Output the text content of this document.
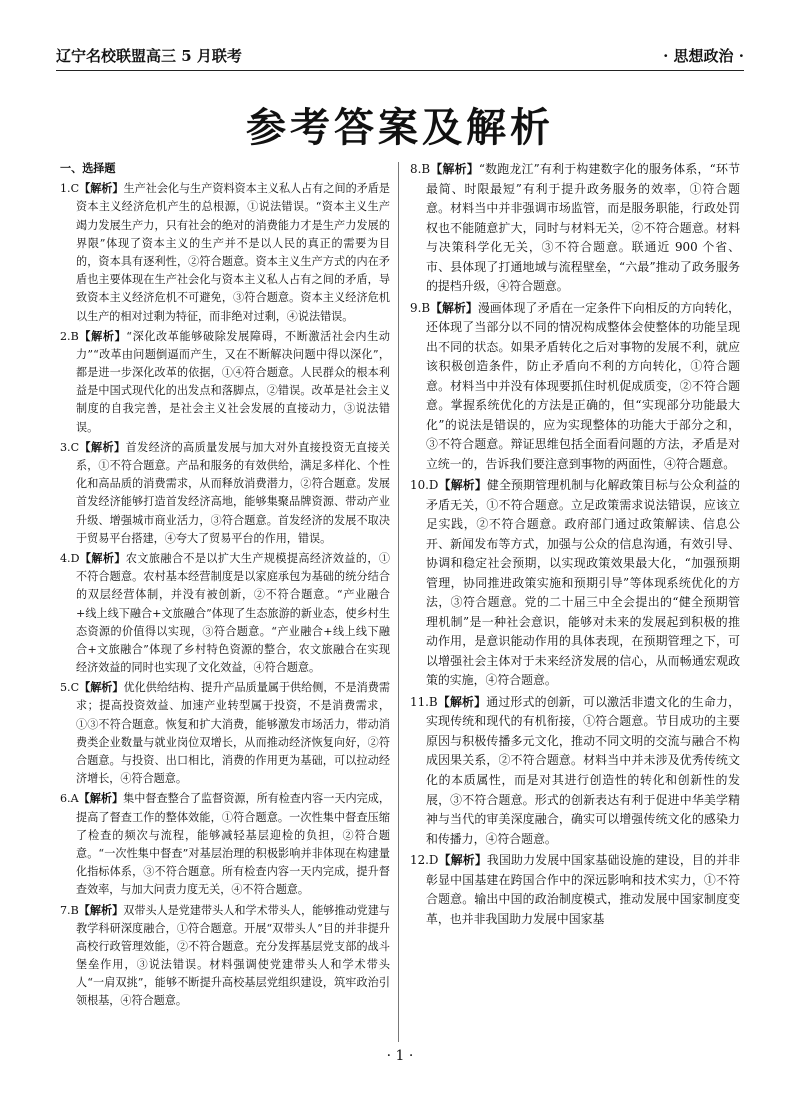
辽宁名校联盟高三 5 月联考	· 思想政治 ·
参考答案及解析

一、选择题

1.C【解析】生产社会化与生产资料资本主义私人占有之间的矛盾是资本主义经济危机产生的总根源，①说法错误。“资本主义生产竭力发展生产力，只有社会的绝对的消费能力才是生产力发展的界限”体现了资本主义的生产并不是以人民的真正的需要为目的，资本具有逐利性，②符合题意。资本主义生产方式的内在矛盾也主要体现在生产社会化与资本主义私人占有之间的矛盾，导致资本主义经济危机不可避免，③符合题意。资本主义经济危机以生产的相对过剩为特征，而非绝对过剩，④说法错误。

2.B【解析】“深化改革能够破除发展障碍，不断激活社会内生动力”“改革由问题倒逼而产生，又在不断解决问题中得以深化”，都是进一步深化改革的依据，①④符合题意。人民群众的根本利益是中国式现代化的出发点和落脚点，②错误。改革是社会主义制度的自我完善，是社会主义社会发展的直接动力，③说法错误。

3.C【解析】首发经济的高质量发展与加大对外直接投资无直接关系，①不符合题意。产品和服务的有效供给，满足多样化、个性化和高品质的消费需求，从而释放消费潜力，②符合题意。发展首发经济能够打造首发经济高地，能够集聚品牌资源、带动产业升级、增强城市商业活力，③符合题意。首发经济的发展不取决于贸易平台搭建，④夸大了贸易平台的作用，错误。

4.D【解析】农文旅融合不是以扩大生产规模提高经济效益的，①不符合题意。农村基本经营制度是以家庭承包为基础的统分结合的双层经营体制，并没有被创新，②不符合题意。“产业融合+线上线下融合+文旅融合”体现了生态旅游的新业态，使乡村生态资源的价值得以实现，③符合题意。“产业融合+线上线下融合+文旅融合”体现了乡村特色资源的整合，农文旅融合在实现经济效益的同时也实现了文化效益，④符合题意。

5.C【解析】优化供给结构、提升产品质量属于供给侧，不是消费需求；提高投资效益、加速产业转型属于投资，不是消费需求，①③不符合题意。恢复和扩大消费，能够激发市场活力，带动消费类企业数量与就业岗位双增长，从而推动经济恢复向好，②符合题意。与投资、出口相比，消费的作用更为基础，可以拉动经济增长，④符合题意。

6.A【解析】集中督查整合了监督资源，所有检查内容一天内完成，提高了督查工作的整体效能，①符合题意。一次性集中督查压缩了检查的频次与流程，能够减轻基层迎检的负担，②符合题意。“一次性集中督查”对基层治理的积极影响并非体现在构建量化指标体系，③不符合题意。所有检查内容一天内完成，提升督查效率，与加大问责力度无关，④不符合题意。

7.B【解析】双带头人是党建带头人和学术带头人，能够推动党建与教学科研深度融合，①符合题意。开展“双带头人”目的并非提升高校行政管理效能，②不符合题意。充分发挥基层党支部的战斗堡垒作用，③说法错误。材料强调使党建带头人和学术带头人“一肩双挑”，能够不断提升高校基层党组织建设，筑牢政治引领根基，④符合题意。

8.B【解析】“数跑龙江”有利于构建数字化的服务体系，“环节最简、时限最短”有利于提升政务服务的效率，①符合题意。材料当中并非强调市场监管，而是服务职能，行政处罚权也不能随意扩大，同时与材料无关，②不符合题意。材料与决策科学化无关，③不符合题意。联通近 900 个省、市、县体现了打通地域与流程壁垒，“六最”推动了政务服务的提档升级，④符合题意。

9.B【解析】漫画体现了矛盾在一定条件下向相反的方向转化，还体现了当部分以不同的情况构成整体会使整体的功能呈现出不同的状态。如果矛盾转化之后对事物的发展不利，就应该积极创造条件，防止矛盾向不利的方向转化，①符合题意。材料当中并没有体现要抓住时机促成质变，②不符合题意。掌握系统优化的方法是正确的，但“实现部分功能最大化”的说法是错误的，应为实现整体的功能大于部分之和，③不符合题意。辩证思维包括全面看问题的方法，矛盾是对立统一的，告诉我们要注意到事物的两面性，④符合题意。

10.D【解析】健全预期管理机制与化解政策目标与公众利益的矛盾无关，①不符合题意。立足政策需求说法错误，应该立足实践，②不符合题意。政府部门通过政策解读、信息公开、新闻发布等方式，加强与公众的信息沟通，有效引导、协调和稳定社会预期，以实现政策效果最大化，“加强预期管理，协同推进政策实施和预期引导”等体现系统优化的方法，③符合题意。党的二十届三中全会提出的“健全预期管理机制”是一种社会意识，能够对未来的发展起到积极的推动作用，是意识能动作用的具体表现，在预期管理之下，可以增强社会主体对于未来经济发展的信心，从而畅通宏观政策的实施，④符合题意。

11.B【解析】通过形式的创新，可以激活非遗文化的生命力，实现传统和现代的有机衔接，①符合题意。节目成功的主要原因与积极传播多元文化，推动不同文明的交流与融合不构成因果关系，②不符合题意。材料当中并未涉及优秀传统文化的本质属性，而是对其进行创造性的转化和创新性的发展，③不符合题意。形式的创新表达有利于促进中华美学精神与当代的审美深度融合，确实可以增强传统文化的感染力和传播力，④符合题意。

12.D【解析】我国助力发展中国家基础设施的建设，目的并非彰显中国基建在跨国合作中的深远影响和技术实力，①不符合题意。输出中国的政治制度模式，推动发展中国家制度变革，也并非我国助力发展中国家基

· 1 ·
